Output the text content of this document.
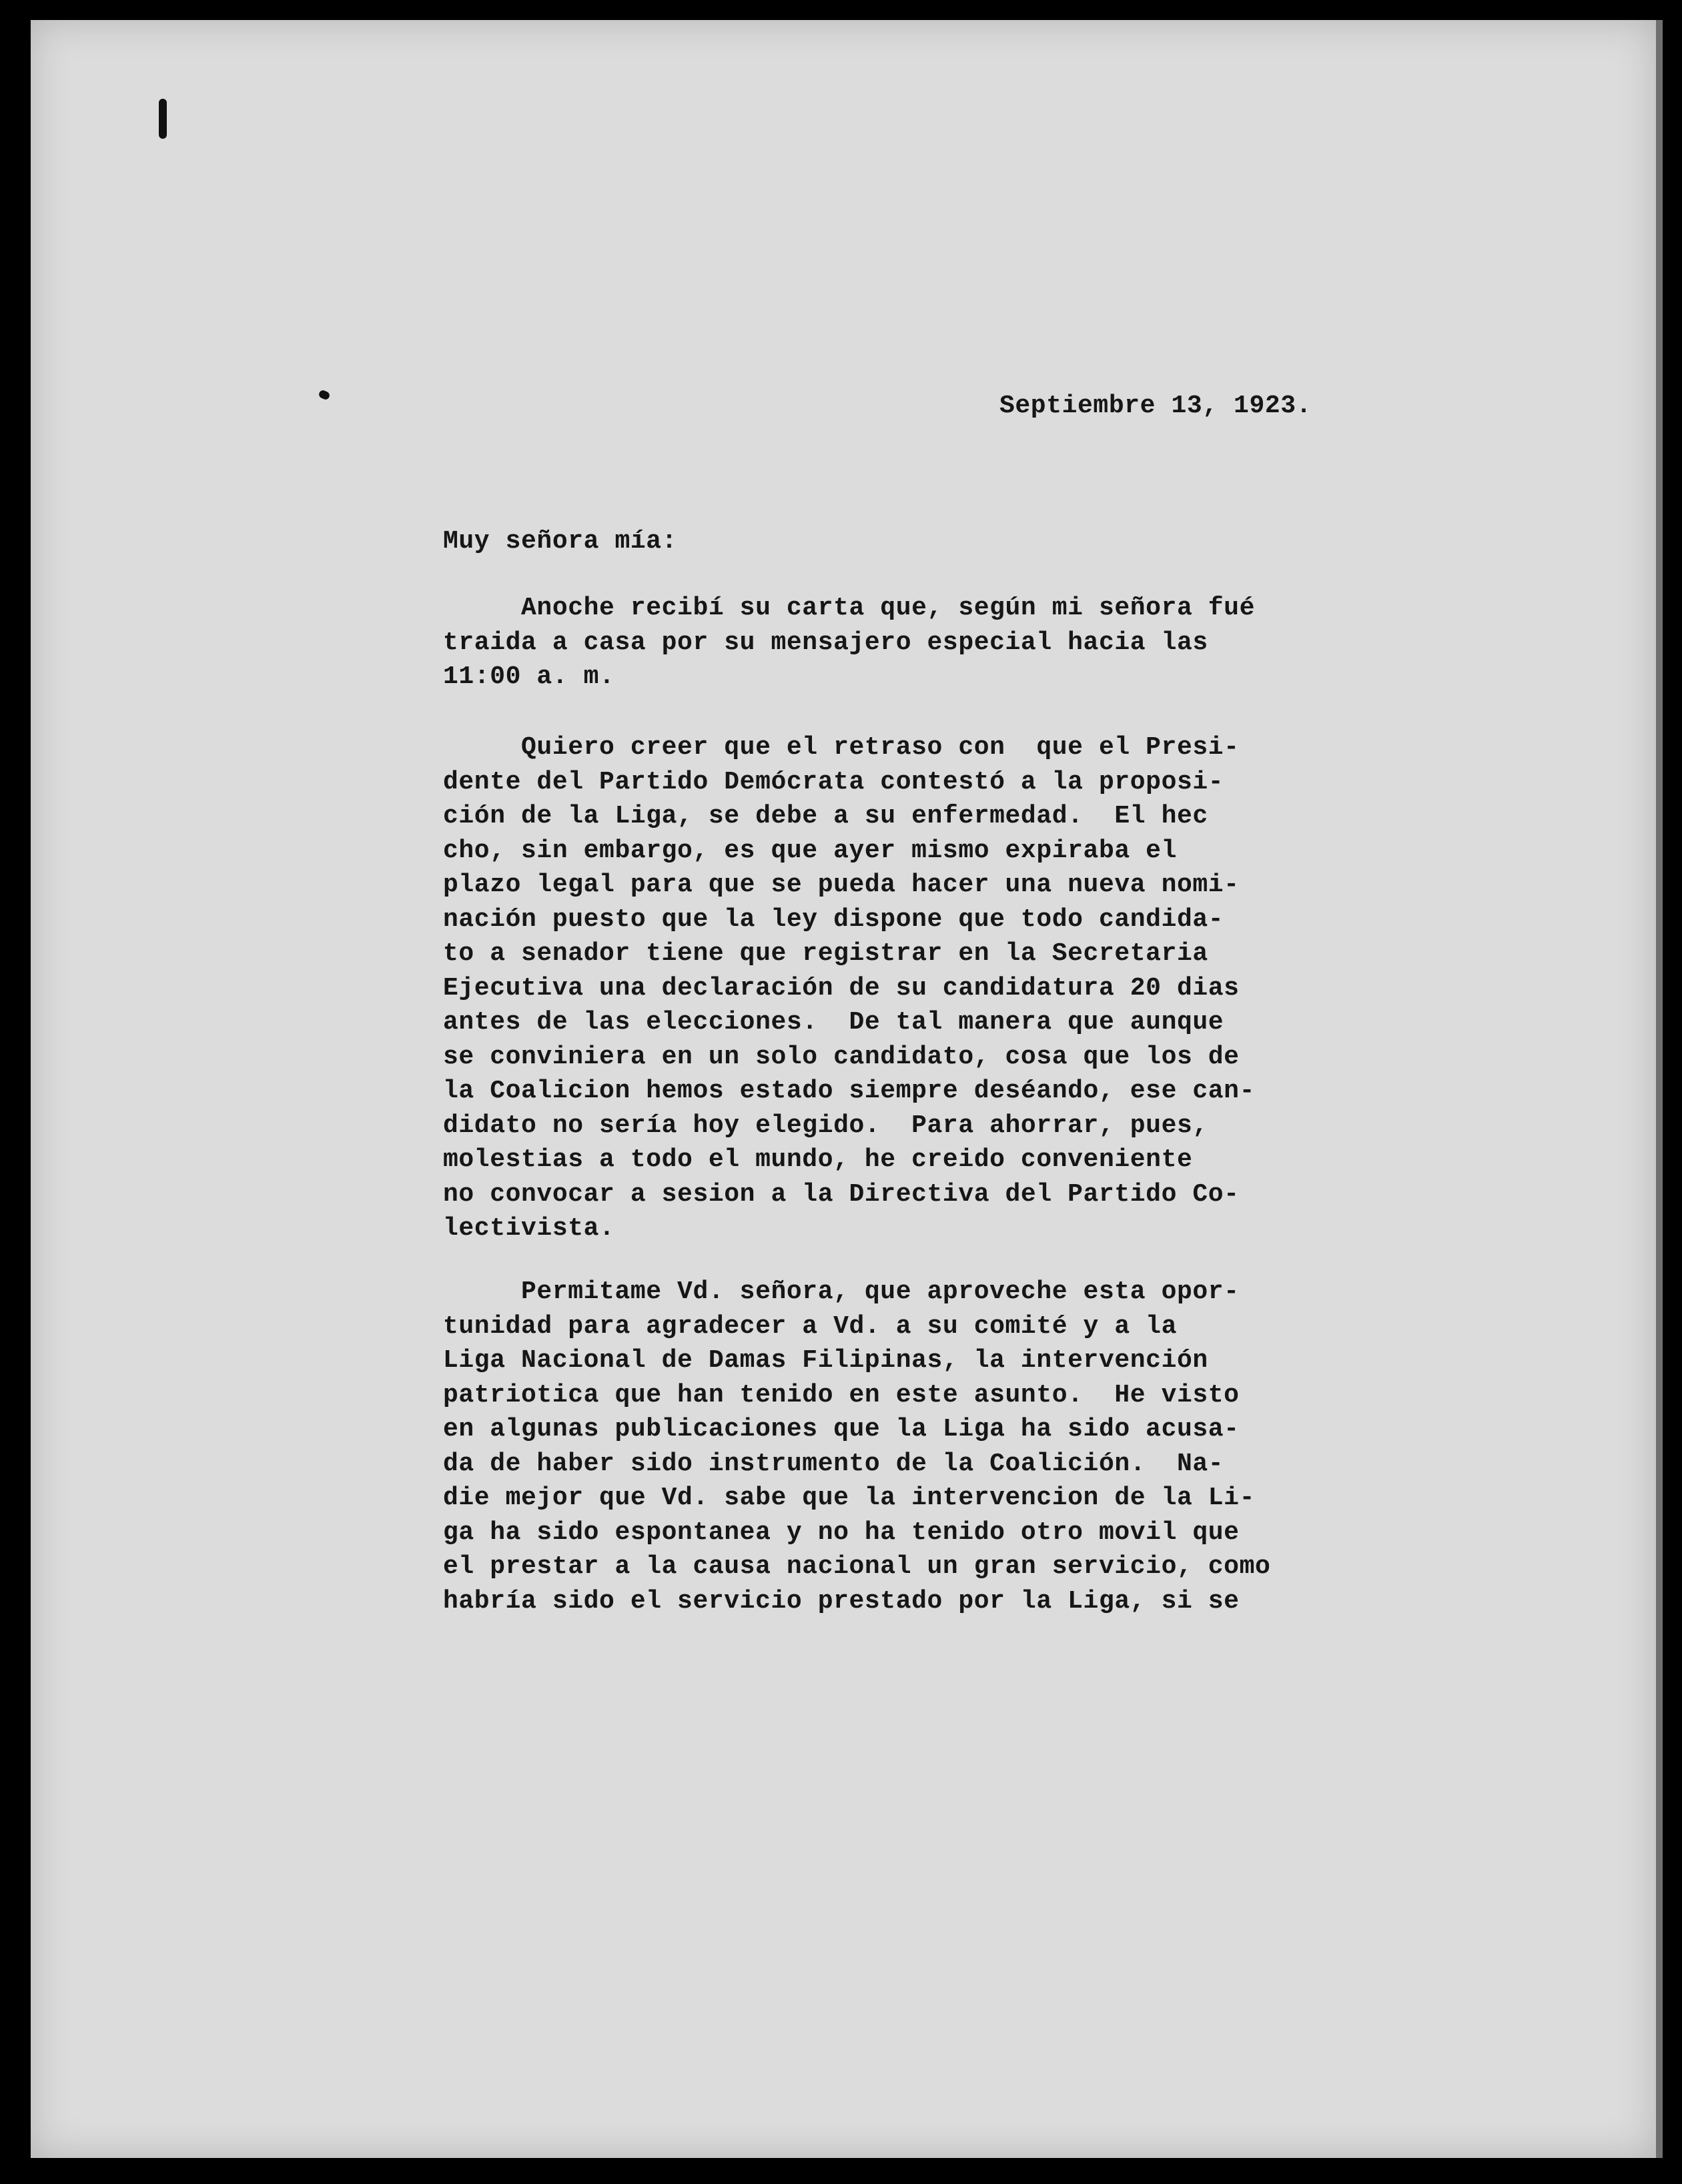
Septiembre 13, 1923.
Muy señora mía:
Anoche recibí su carta que, según mi señora fué
traida a casa por su mensajero especial hacia las
11:00 a. m.
Quiero creer que el retraso con  que el Presi-
dente del Partido Demócrata contestó a la proposi-
ción de la Liga, se debe a su enfermedad.  El hec
cho, sin embargo, es que ayer mismo expiraba el
plazo legal para que se pueda hacer una nueva nomi-
nación puesto que la ley dispone que todo candida-
to a senador tiene que registrar en la Secretaria
Ejecutiva una declaración de su candidatura 20 dias
antes de las elecciones.  De tal manera que aunque
se conviniera en un solo candidato, cosa que los de
la Coalicion hemos estado siempre deséando, ese can-
didato no sería hoy elegido.  Para ahorrar, pues,
molestias a todo el mundo, he creido conveniente
no convocar a sesion a la Directiva del Partido Co-
lectivista.
Permitame Vd. señora, que aproveche esta opor-
tunidad para agradecer a Vd. a su comité y a la
Liga Nacional de Damas Filipinas, la intervención
patriotica que han tenido en este asunto.  He visto
en algunas publicaciones que la Liga ha sido acusa-
da de haber sido instrumento de la Coalición.  Na-
die mejor que Vd. sabe que la intervencion de la Li-
ga ha sido espontanea y no ha tenido otro movil que
el prestar a la causa nacional un gran servicio, como
habría sido el servicio prestado por la Liga, si se
